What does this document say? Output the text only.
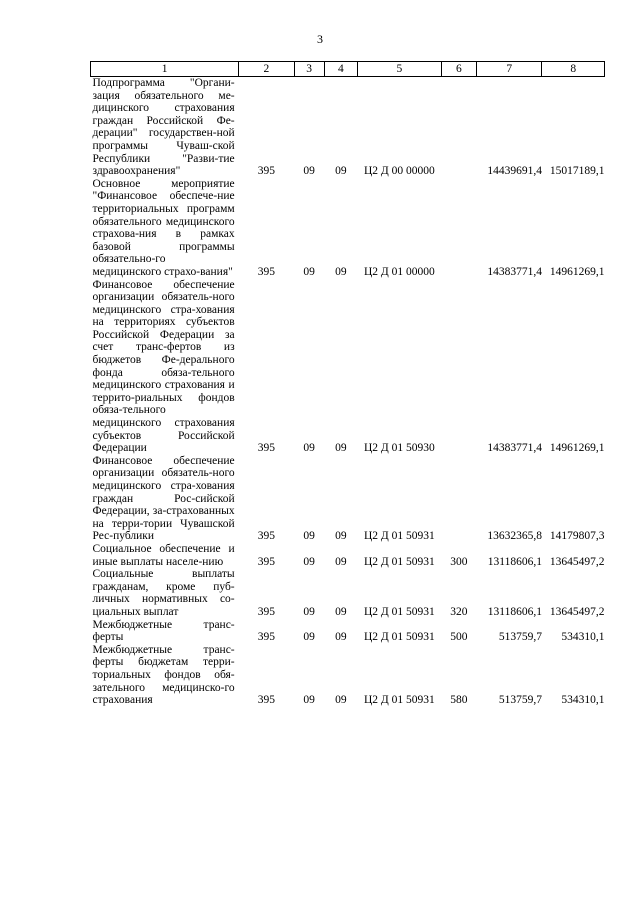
3
1	2	3	4	5	6	7	8
Подпрограмма "Органи-зация обязательного ме-дицинского страхования граждан Российской Фе-дерации" государствен-ной программы Чуваш-ской Республики "Разви-тие здравоохранения"	395	09	09	Ц2 Д 00 00000		14439691,4	15017189,1
Основное мероприятие "Финансовое обеспече-ние территориальных программ обязательного медицинского страхова-ния в рамках базовой программы обязательно-го медицинского страхо-вания"	395	09	09	Ц2 Д 01 00000		14383771,4	14961269,1
Финансовое обеспечение организации обязатель-ного медицинского стра-хования на территориях субъектов Российской Федерации за счет транс-фертов из бюджетов Фе-дерального фонда обяза-тельного медицинского страхования и террито-риальных фондов обяза-тельного медицинского страхования субъектов Российской Федерации	395	09	09	Ц2 Д 01 50930		14383771,4	14961269,1
Финансовое обеспечение организации обязатель-ного медицинского стра-хования граждан Рос-сийской Федерации, за-страхованных на терри-тории Чувашской Рес-публики	395	09	09	Ц2 Д 01 50931		13632365,8	14179807,3
Социальное обеспечение и иные выплаты населе-нию	395	09	09	Ц2 Д 01 50931	300	13118606,1	13645497,2
Социальные выплаты гражданам, кроме пуб-личных нормативных со-циальных выплат	395	09	09	Ц2 Д 01 50931	320	13118606,1	13645497,2
Межбюджетные транс-ферты	395	09	09	Ц2 Д 01 50931	500	513759,7	534310,1
Межбюджетные транс-ферты бюджетам терри-ториальных фондов обя-зательного медицинско-го страхования	395	09	09	Ц2 Д 01 50931	580	513759,7	534310,1
